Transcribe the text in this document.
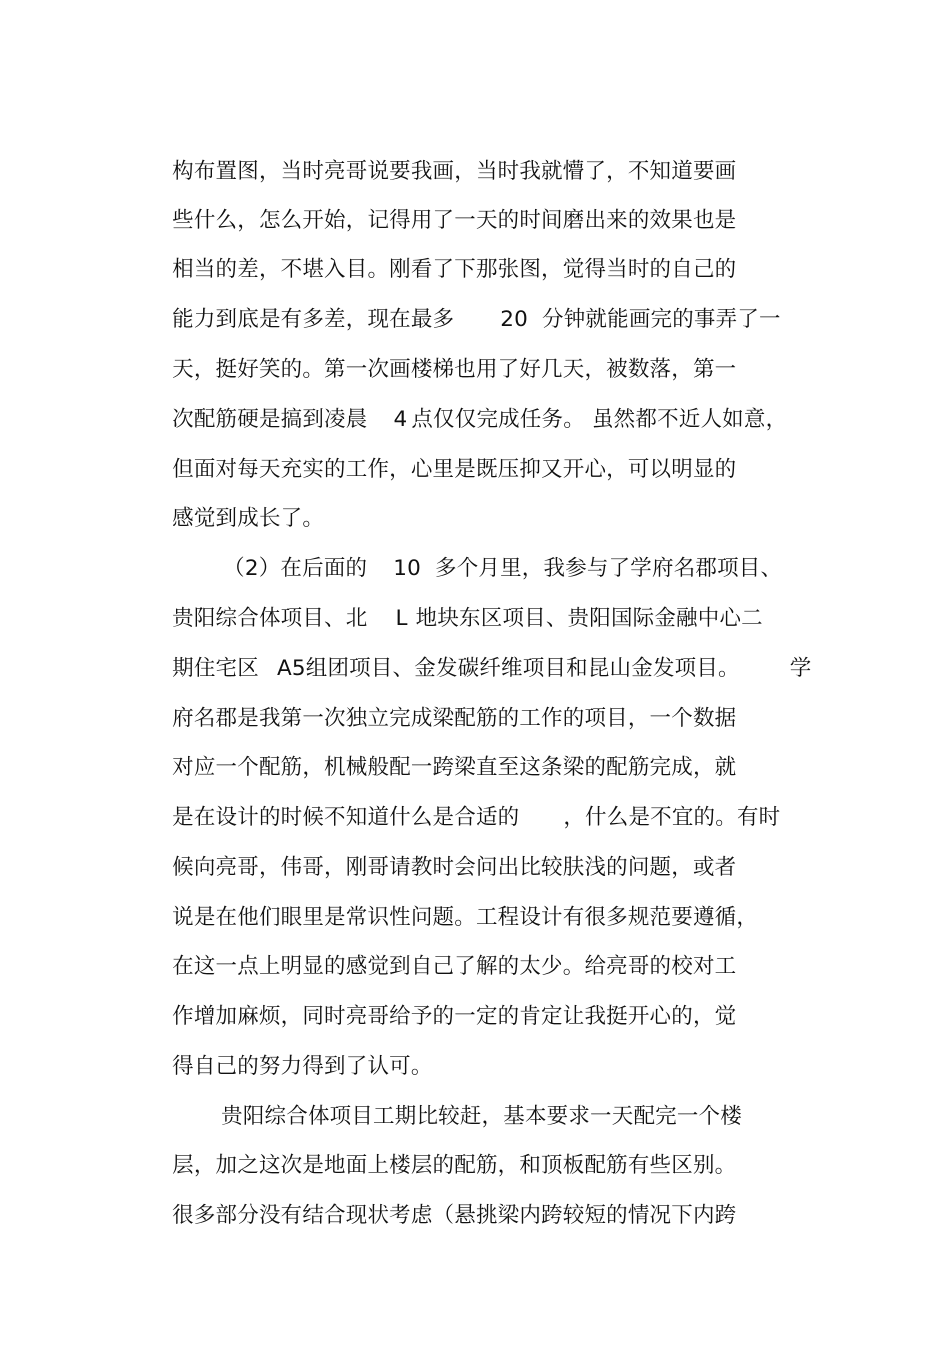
构布置图，当时亮哥说要我画，当时我就懵了，不知道要画

些什么，怎么开始，记得用了一天的时间磨出来的效果也是

相当的差，不堪入目。刚看了下那张图，觉得当时的自己的

能力到底是有多差，现在最多 20 分钟就能画完的事弄了一

天，挺好笑的。第一次画楼梯也用了好几天，被数落，第一

次配筋硬是搞到凌晨 4 点仅仅完成任务。 虽然都不近人如意，

但面对每天充实的工作，心里是既压抑又开心，可以明显的

感觉到成长了。

（2）在后面的 10 多个月里，我参与了学府名郡项目、

贵阳综合体项目、北 L 地块东区项目、贵阳国际金融中心二

期住宅区 A5组团项目、金发碳纤维项目和昆山金发项目。 学

府名郡是我第一次独立完成梁配筋的工作的项目，一个数据

对应一个配筋，机械般配一跨梁直至这条梁的配筋完成，就

是在设计的时候不知道什么是合适的 ，什么是不宜的。有时

候向亮哥，伟哥，刚哥请教时会问出比较肤浅的问题，或者

说是在他们眼里是常识性问题。工程设计有很多规范要遵循，

在这一点上明显的感觉到自己了解的太少。给亮哥的校对工

作增加麻烦，同时亮哥给予的一定的肯定让我挺开心的，觉

得自己的努力得到了认可。

贵阳综合体项目工期比较赶，基本要求一天配完一个楼

层，加之这次是地面上楼层的配筋，和顶板配筋有些区别。

很多部分没有结合现状考虑（悬挑梁内跨较短的情况下内跨
